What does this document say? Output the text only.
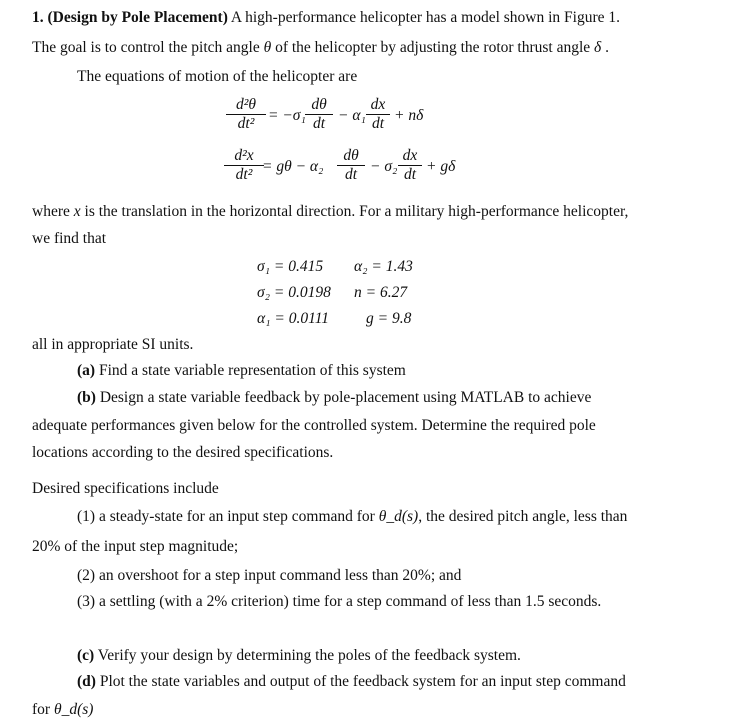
1. (Design by Pole Placement) A high-performance helicopter has a model shown in Figure 1.
The goal is to control the pitch angle θ of the helicopter by adjusting the rotor thrust angle δ .
The equations of motion of the helicopter are
$\frac{\text{d²θ}}{\text{dt²}} = -\sigma_1 \frac{d\theta}{dt} - \alpha_1 \frac{dx}{dt} + n\delta$
$\frac{\text{d²x}}{\text{dt²}}$
= $g\theta - \alpha_2 \frac{d\theta}{dt} - \sigma_2 \frac{dx}{dt} + g\delta$
where x is the translation in the horizontal direction. For a military high-performance helicopter,
we find that
σ₁ = 0.415 α₂ = 1.43
σ₂ = 0.0198 n = 6.27
α₁ = 0.0111 g = 9.8
all in appropriate SI units.
(a) Find a state variable representation of this system
(b) Design a state variable feedback by pole-placement using MATLAB to achieve
adequate performances given below for the controlled system. Determine the required pole
locations according to the desired specifications.
Desired specifications include
(1) a steady-state for an input step command for θ_d(s), the desired pitch angle, less than
20% of the input step magnitude;
(2) an overshoot for a step input command less than 20%; and
(3) a settling (with a 2% criterion) time for a step command of less than 1.5 seconds.
(c) Verify your design by determining the poles of the feedback system.
(d) Plot the state variables and output of the feedback system for an input step command
for θ_d(s)
